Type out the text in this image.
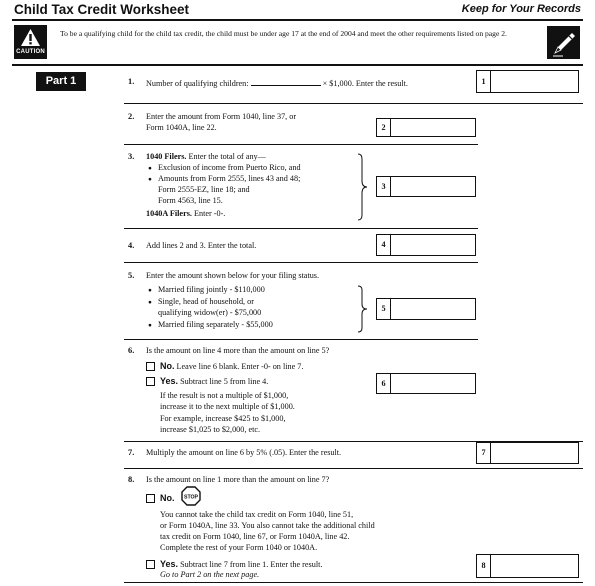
Child Tax Credit Worksheet	Keep for Your Records
CAUTION
To be a qualifying child for the child tax credit, the child must be under age 17 at the end of 2004 and meet the other requirements listed on page 2.
Part 1	1. Number of qualifying children:	× $1,000. Enter the result.	1
2. Enter the amount from Form 1040, line 37, or
Form 1040A, line 22.	2
3. 1040 Filers. Enter the total of any—
● Exclusion of income from Puerto Rico, and
● Amounts from Form 2555, lines 43 and 48;
Form 2555-EZ, line 18; and
Form 4563, line 15.
1040A Filers. Enter -0-.
3
4. Add lines 2 and 3. Enter the total.	4
5. Enter the amount shown below for your filing status.
● Married filing jointly - $110,000
● Single, head of household, or
qualifying widow(er) - $75,000
● Married filing separately - $55,000
5
6. Is the amount on line 4 more than the amount on line 5?
No. Leave line 6 blank. Enter -0- on line 7.
Yes. Subtract line 5 from line 4.
If the result is not a multiple of $1,000,
increase it to the next multiple of $1,000.
For example, increase $425 to $1,000,
increase $1,025 to $2,000, etc.
6
7. Multiply the amount on line 6 by 5% (.05). Enter the result.	7
8. Is the amount on line 1 more than the amount on line 7?
No. STOP
You cannot take the child tax credit on Form 1040, line 51,
or Form 1040A, line 33. You also cannot take the additional child
tax credit on Form 1040, line 67, or Form 1040A, line 42.
Complete the rest of your Form 1040 or 1040A.
Yes. Subtract line 7 from line 1. Enter the result.
Go to Part 2 on the next page.
8
